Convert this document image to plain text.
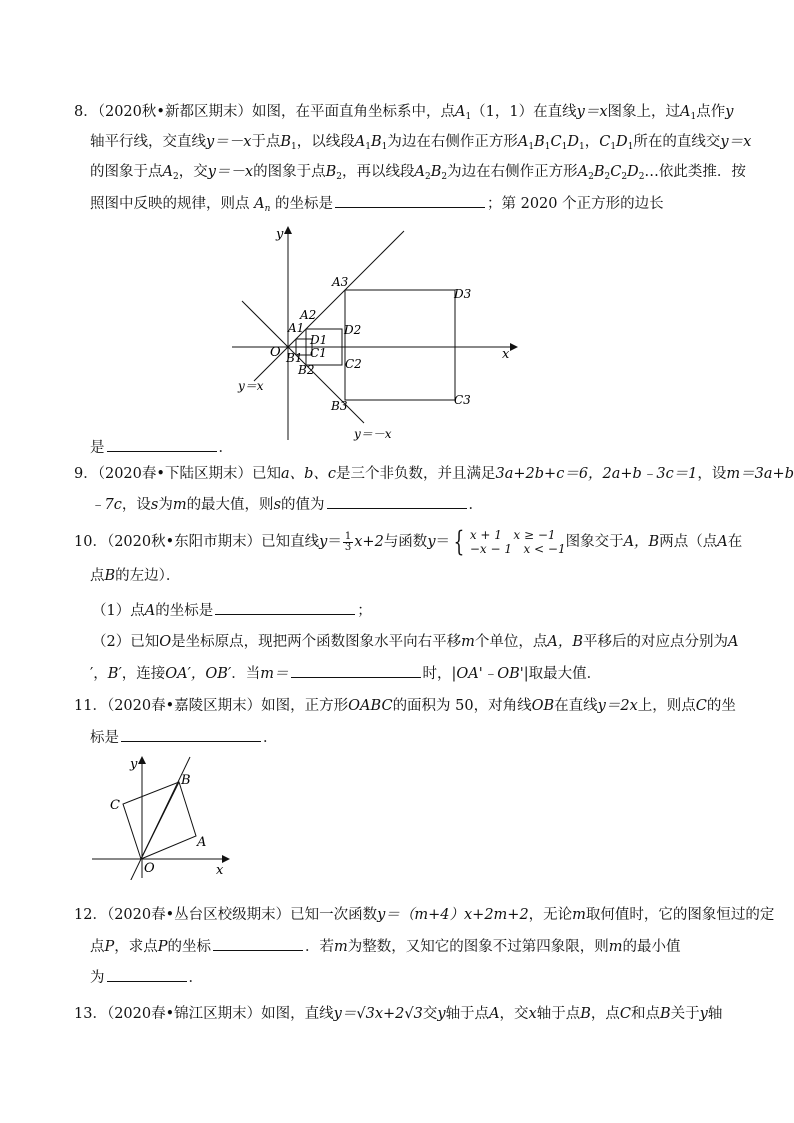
8．（2020秋•新都区期末）如图，在平面直角坐标系中，点$A_1(1$，1）在直线y＝x图象上，过$A_1$点作y
轴平行线，交直线y＝－x于点$B_1$，以线段$A_1B_1$为边在右侧作正方形$A_1B_1C_1D_1$，$C_1D_1$所在的直线交y＝x
的图象于点$A_2$，交y＝－x的图象于点$B_2$，再以线段$A_2B_2$为边在右侧作正方形$A_2B_2C_2D_2\dots$依此类推．按
照图中反映的规律，则点 $A_n$ 的坐标是	；第 2020 个正方形的边长
y
x
O
A1
A2
A3
B1
B2
B3
C1
C2
C3
D1
D2
D3
y＝x
y＝－x
是	．
9．（2020春•下陆区期末）已知a、b、c是三个非负数，并且满足3a+2b+c＝6，2a+b﹣3c＝1，设m＝3a+b
﹣7c，设s为m的最大值，则s的值为	．
10．（2020秋•东阳市期末）已知直线$y= \frac{1}{3} x+2$与函数y＝ { x + 1 x ≥ −1
−x − 1 x < −1图象交于A，B两点（点A在
点B的左边）．
（1）点A的坐标是	；
（2）已知O是坐标原点，现把两个函数图象水平向右平移m个单位，点A，B平移后的对应点分别为A
′，B′，连接OA′，OB′．当m＝	时，|OA'﹣OB'|取最大值．
11．（2020春•嘉陵区期末）如图，正方形OABC的面积为 50，对角线OB在直线y＝2x上，则点C的坐
标是	．
y
x
O
A
B
C
12．（2020春•丛台区校级期末）已知一次函数y＝（m+4）x+2m+2，无论m取何值时，它的图象恒过的定
点P，求点P的坐标	．若m为整数，又知它的图象不过第四象限，则m的最小值
为	．
13．（2020春•锦江区期末）如图，直线y＝√3x+2√3交y轴于点A，交x轴于点B，点C和点B关于y轴
